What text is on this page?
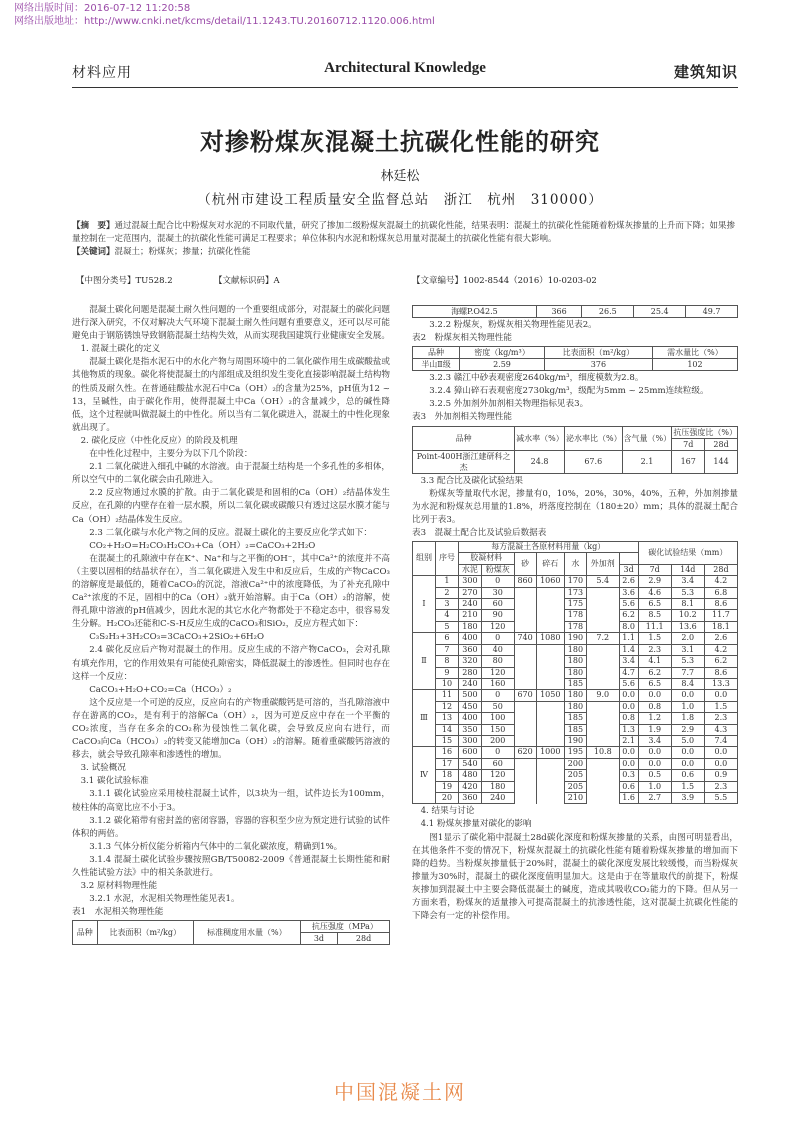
网络出版时间：2016-07-12 11:20:58
网络出版地址：http://www.cnki.net/kcms/detail/11.1243.TU.20160712.1120.006.html
材料应用	Architectural Knowledge	建筑知识
对掺粉煤灰混凝土抗碳化性能的研究
林廷松
（杭州市建设工程质量安全监督总站　浙江　杭州　310000）
【摘　要】通过混凝土配合比中粉煤灰对水泥的不同取代量，研究了掺加二级粉煤灰混凝土的抗碳化性能，结果表明：混凝土的抗碳化性能随着粉煤灰掺量的上升而下降；如果掺量控制在一定范围内，混凝土的抗碳化性能可满足工程要求；单位体积内水泥和粉煤灰总用量对混凝土的抗碳化性能有很大影响。
【关键词】混凝土；粉煤灰；掺量；抗碳化性能
【中图分类号】TU528.2	【文献标识码】A	【文章编号】1002-8544（2016）10-0203-02

混凝土碳化问题是混凝土耐久性问题的一个重要组成部分，对混凝土的碳化问题进行深入研究，不仅对解决大气环境下混凝土耐久性问题有重要意义，还可以尽可能避免由于钢筋锈蚀导致钢筋混凝土结构失效，从而实现我国建筑行业健康安全发展。

1. 混凝土碳化的定义

混凝土碳化是指水泥石中的水化产物与周围环境中的二氧化碳作用生成碳酸盐或其他物质的现象。碳化将使混凝土的内部组成及组织发生变化直接影响混凝土结构物的性质及耐久性。在普通硅酸盐水泥石中Ca（OH）₂的含量为25%，pH值为12 ~ 13，呈碱性，由于碳化作用，使得混凝土中Ca（OH）₂的含量减少，总的碱性降低，这个过程就叫做混凝土的中性化。所以当有二氧化碳进入，混凝土的中性化现象就出现了。

2. 碳化反应（中性化反应）的阶段及机理

在中性化过程中，主要分为以下几个阶段：

2.1 二氧化碳进入细孔中碱的水溶液。由于混凝土结构是一个多孔性的多相体，所以空气中的二氧化碳会由孔隙进入。

2.2 反应物通过水膜的扩散。由于二氧化碳是和固相的Ca（OH）₂结晶体发生反应，在孔隙的内壁存在着一层水膜，所以二氧化碳或碳酸只有透过这层水膜才能与Ca（OH）₂结晶体发生反应。

2.3 二氧化碳与水化产物之间的反应。混凝土碳化的主要反应化学式如下：

CO₂+H₂O=H₂CO₃H₂CO₃+Ca（OH）₂=CaCO₃+2H₂O

在混凝土的孔隙液中存在K⁺、Na⁺和与之平衡的OH⁻，其中Ca²⁺的浓度并不高（主要以固相的结晶状存在），当二氧化碳进入发生中和反应后，生成的产物CaCO₃的溶解度是最低的，随着CaCO₃的沉淀，溶液Ca²⁺中的浓度降低，为了补充孔隙中Ca²⁺浓度的不足，固相中的Ca（OH）₂就开始溶解。由于Ca（OH）₂的溶解，使得孔隙中溶液的pH值减少，因此水泥的其它水化产物都处于不稳定态中，很容易发生分解。H₂CO₃还能和C-S-H反应生成的CaCO₃和SiO₂，反应方程式如下：

C₃S₂H₃+3H₂CO₃=3CaCO₃+2SiO₂+6H₂O

2.4 碳化反应后产物对混凝土的作用。反应生成的不溶产物CaCO₃，会对孔隙有填充作用，它的作用效果有可能使孔隙密实，降低混凝土的渗透性。但同时也存在这样一个反应：

CaCO₃+H₂O+CO₂=Ca（HCO₃）₂

这个反应是一个可逆的反应，反应向右的产物重碳酸钙是可溶的，当孔隙溶液中存在游离的CO₂，是有利于的溶解Ca（OH）₂，因为可逆反应中存在一个平衡的CO₂浓度，当存在多余的CO₂称为侵蚀性二氧化碳，会导致反应向右进行，而CaCO₃向Ca（HCO₃）₂的转变又能增加Ca（OH）₂的溶解。随着重碳酸钙溶液的移去，就会导致孔隙率和渗透性的增加。

3. 试验概况

3.1 碳化试验标准

3.1.1 碳化试验应采用棱柱混凝土试件，以3块为一组，试件边长为100mm，棱柱体的高宽比应不小于3。

3.1.2 碳化箱带有密封盖的密闭容器，容器的容积至少应为预定进行试验的试件体积的两倍。

3.1.3 气体分析仪能分析箱内气体中的二氧化碳浓度，精确到1%。

3.1.4 混凝土碳化试验步骤按照GB/T50082-2009《普通混凝土长期性能和耐久性能试验方法》中的相关条款进行。

3.2 原材料物理性能

3.2.1 水泥，水泥相关物理性能见表1。

表1　水泥相关物理性能

品种	比表面积（m²/kg）	标准稠度用水量（%）	抗压强度（MPa）	
			3d	28d
海螺P.O42.5	366	26.5	25.4	49.7

3.2.2 粉煤灰，粉煤灰相关物理性能见表2。

表2　粉煤灰相关物理性能

品种	密度（kg/m³）	比表面积（m²/kg）	需水量比（%）
半山Ⅱ级	2.59	376	102

3.2.3 赣江中砂表观密度2640kg/m³，细度模数为2.8。

3.2.4 獐山碎石表观密度2730kg/m³，级配为5mm ~ 25mm连续粒级。

3.2.5 外加剂外加剂相关物理指标见表3。

表3　外加剂相关物理性能

品种	减水率（%）	泌水率比（%）	含气量（%）	抗压强度比（%）	
				7d	28d
Point-400H浙江建研科之杰	24.8	67.6	2.1	167	144

3.3 配合比及碳化试验结果

粉煤灰等量取代水泥，掺量有0，10%，20%，30%，40%，五种，外加剂掺量为水泥和粉煤灰总用量的1.8%，坍落度控制在（180±20）mm；具体的混凝土配合比列于表3。

表3　混凝土配合比及试验后数据表

组别	序号	每方混凝土各原材料用量（kg）							碳化试验结果（mm）		
		胶凝材料		砂	碎石	水	外加剂				
		水泥	粉煤灰					3d	7d	14d	28d
Ⅰ	1	300	0	860	1060	170	5.4	2.6	2.9	3.4	4.2
	2	270	30			173		3.6	4.6	5.3	6.8
	3	240	60			175		5.6	6.5	8.1	8.6
	4	210	90			178		6.2	8.5	10.2	11.7
	5	180	120			178		8.0	11.1	13.6	18.1
Ⅱ	6	400	0	740	1080	190	7.2	1.1	1.5	2.0	2.6
	7	360	40			180		1.4	2.3	3.1	4.2
	8	320	80			180		3.4	4.1	5.3	6.2
	9	280	120			180		4.7	6.2	7.7	8.6
	10	240	160			185		5.6	6.5	8.4	13.3
Ⅲ	11	500	0	670	1050	180	9.0	0.0	0.0	0.0	0.0
	12	450	50			180		0.0	0.8	1.0	1.5
	13	400	100			185		0.8	1.2	1.8	2.3
	14	350	150			185		1.3	1.9	2.9	4.3
	15	300	200			190		2.1	3.4	5.0	7.4
Ⅳ	16	600	0	620	1000	195	10.8	0.0	0.0	0.0	0.0
	17	540	60			200		0.0	0.0	0.0	0.0
	18	480	120			205		0.3	0.5	0.6	0.9
	19	420	180			205		0.6	1.0	1.5	2.3
	20	360	240			210		1.6	2.7	3.9	5.5

4. 结果与讨论

4.1 粉煤灰掺量对碳化的影响

图1显示了碳化箱中混凝土28d碳化深度和粉煤灰掺量的关系，由图可明显看出，在其他条件不变的情况下，粉煤灰混凝土的抗碳化性能有随着粉煤灰掺量的增加而下降的趋势。当粉煤灰掺量低于20%时，混凝土的碳化深度发展比较缓慢，而当粉煤灰掺量为30%时，混凝土的碳化深度值明显加大。这是由于在等量取代的前提下，粉煤灰掺加到混凝土中主要会降低混凝土的碱度，造成其吸收CO₂能力的下降。但从另一方面来看，粉煤灰的适量掺入可提高混凝土的抗渗透性能，这对混凝土抗碳化性能的下降会有一定的补偿作用。

中国混凝土网
